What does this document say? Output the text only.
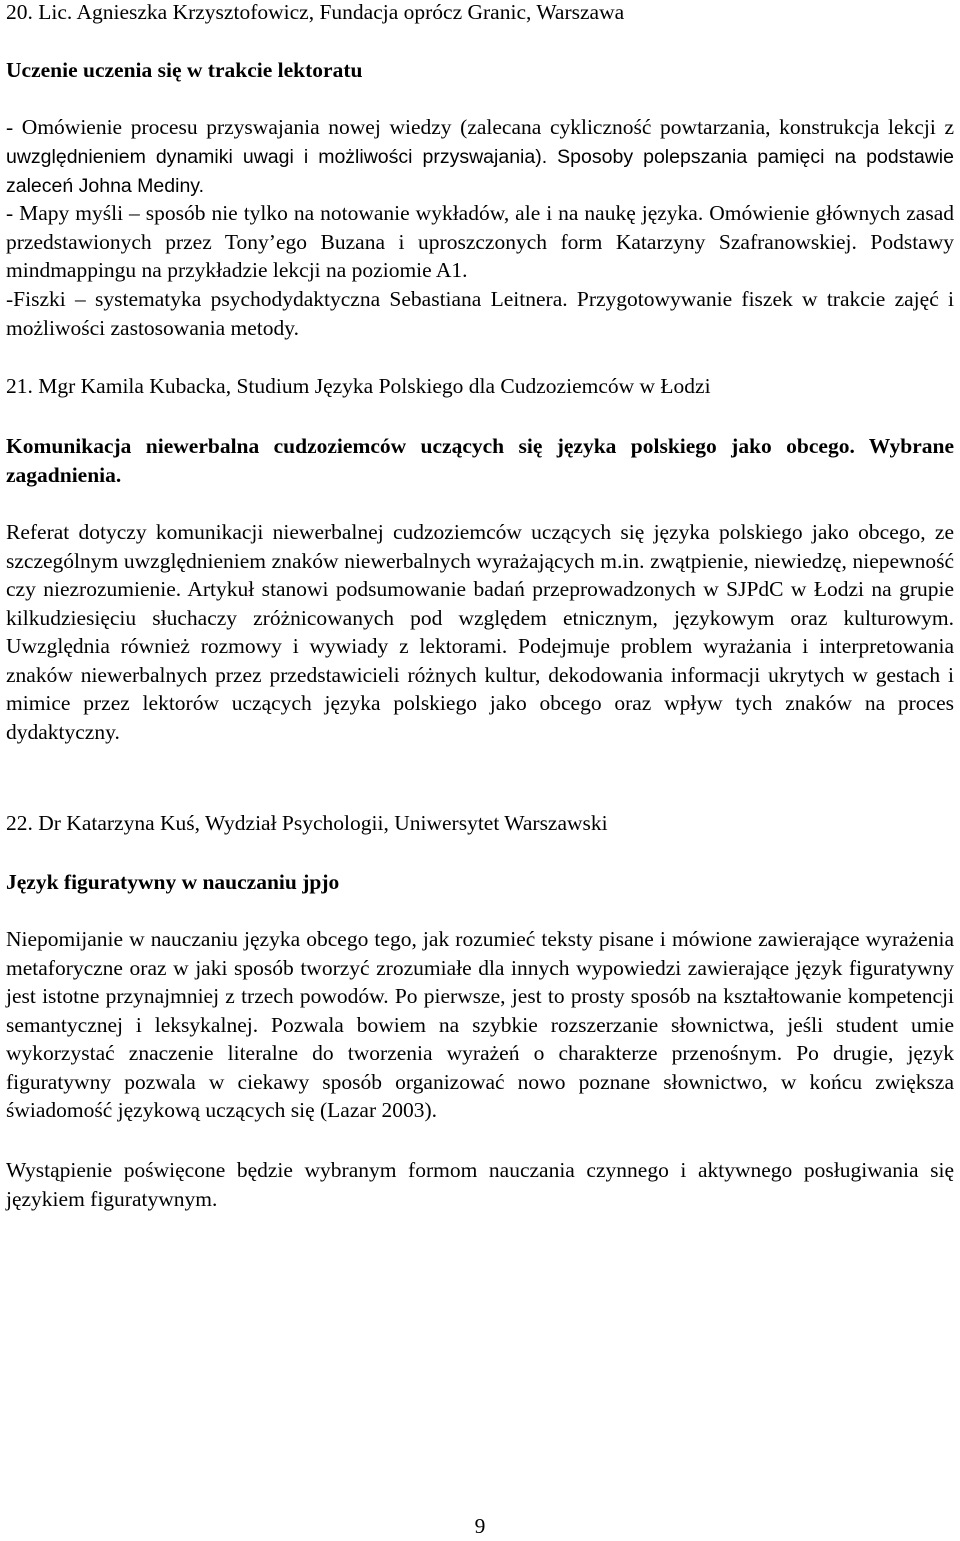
20. Lic. Agnieszka Krzysztofowicz, Fundacja oprócz Granic, Warszawa

Uczenie uczenia się w trakcie lektoratu

- Omówienie procesu przyswajania nowej wiedzy (zalecana cykliczność powtarzania, konstrukcja lekcji z uwzględnieniem dynamiki uwagi i możliwości przyswajania). Sposoby polepszania pamięci na podstawie zaleceń Johna Mediny.

- Mapy myśli – sposób nie tylko na notowanie wykładów, ale i na naukę języka. Omówienie głównych zasad przedstawionych przez Tony’ego Buzana i uproszczonych form Katarzyny Szafranowskiej. Podstawy mindmappingu na przykładzie lekcji na poziomie A1.

-Fiszki – systematyka psychodydaktyczna Sebastiana Leitnera. Przygotowywanie fiszek w trakcie zajęć i możliwości zastosowania metody.

21. Mgr Kamila Kubacka, Studium Języka Polskiego dla Cudzoziemców w Łodzi

Komunikacja niewerbalna cudzoziemców uczących się języka polskiego jako obcego. Wybrane zagadnienia.

Referat dotyczy komunikacji niewerbalnej cudzoziemców uczących się języka polskiego jako obcego, ze szczególnym uwzględnieniem znaków niewerbalnych wyrażających m.in. zwątpienie, niewiedzę, niepewność czy niezrozumienie. Artykuł stanowi podsumowanie badań przeprowadzonych w SJPdC w Łodzi na grupie kilkudziesięciu słuchaczy zróżnicowanych pod względem etnicznym, językowym oraz kulturowym. Uwzględnia również rozmowy i wywiady z lektorami. Podejmuje problem wyrażania i interpretowania znaków niewerbalnych przez przedstawicieli różnych kultur, dekodowania informacji ukrytych w gestach i mimice przez lektorów uczących języka polskiego jako obcego oraz wpływ tych znaków na proces dydaktyczny.

22. Dr Katarzyna Kuś, Wydział Psychologii, Uniwersytet Warszawski

Język figuratywny w nauczaniu jpjo

Niepomijanie w nauczaniu języka obcego tego, jak rozumieć teksty pisane i mówione zawierające wyrażenia metaforyczne oraz w jaki sposób tworzyć zrozumiałe dla innych wypowiedzi zawierające język figuratywny jest istotne przynajmniej z trzech powodów. Po pierwsze, jest to prosty sposób na kształtowanie kompetencji semantycznej i leksykalnej. Pozwala bowiem na szybkie rozszerzanie słownictwa, jeśli student umie wykorzystać znaczenie literalne do tworzenia wyrażeń o charakterze przenośnym. Po drugie, język figuratywny pozwala w ciekawy sposób organizować nowo poznane słownictwo, w końcu zwiększa świadomość językową uczących się (Lazar 2003).

Wystąpienie poświęcone będzie wybranym formom nauczania czynnego i aktywnego posługiwania się językiem figuratywnym.

9
